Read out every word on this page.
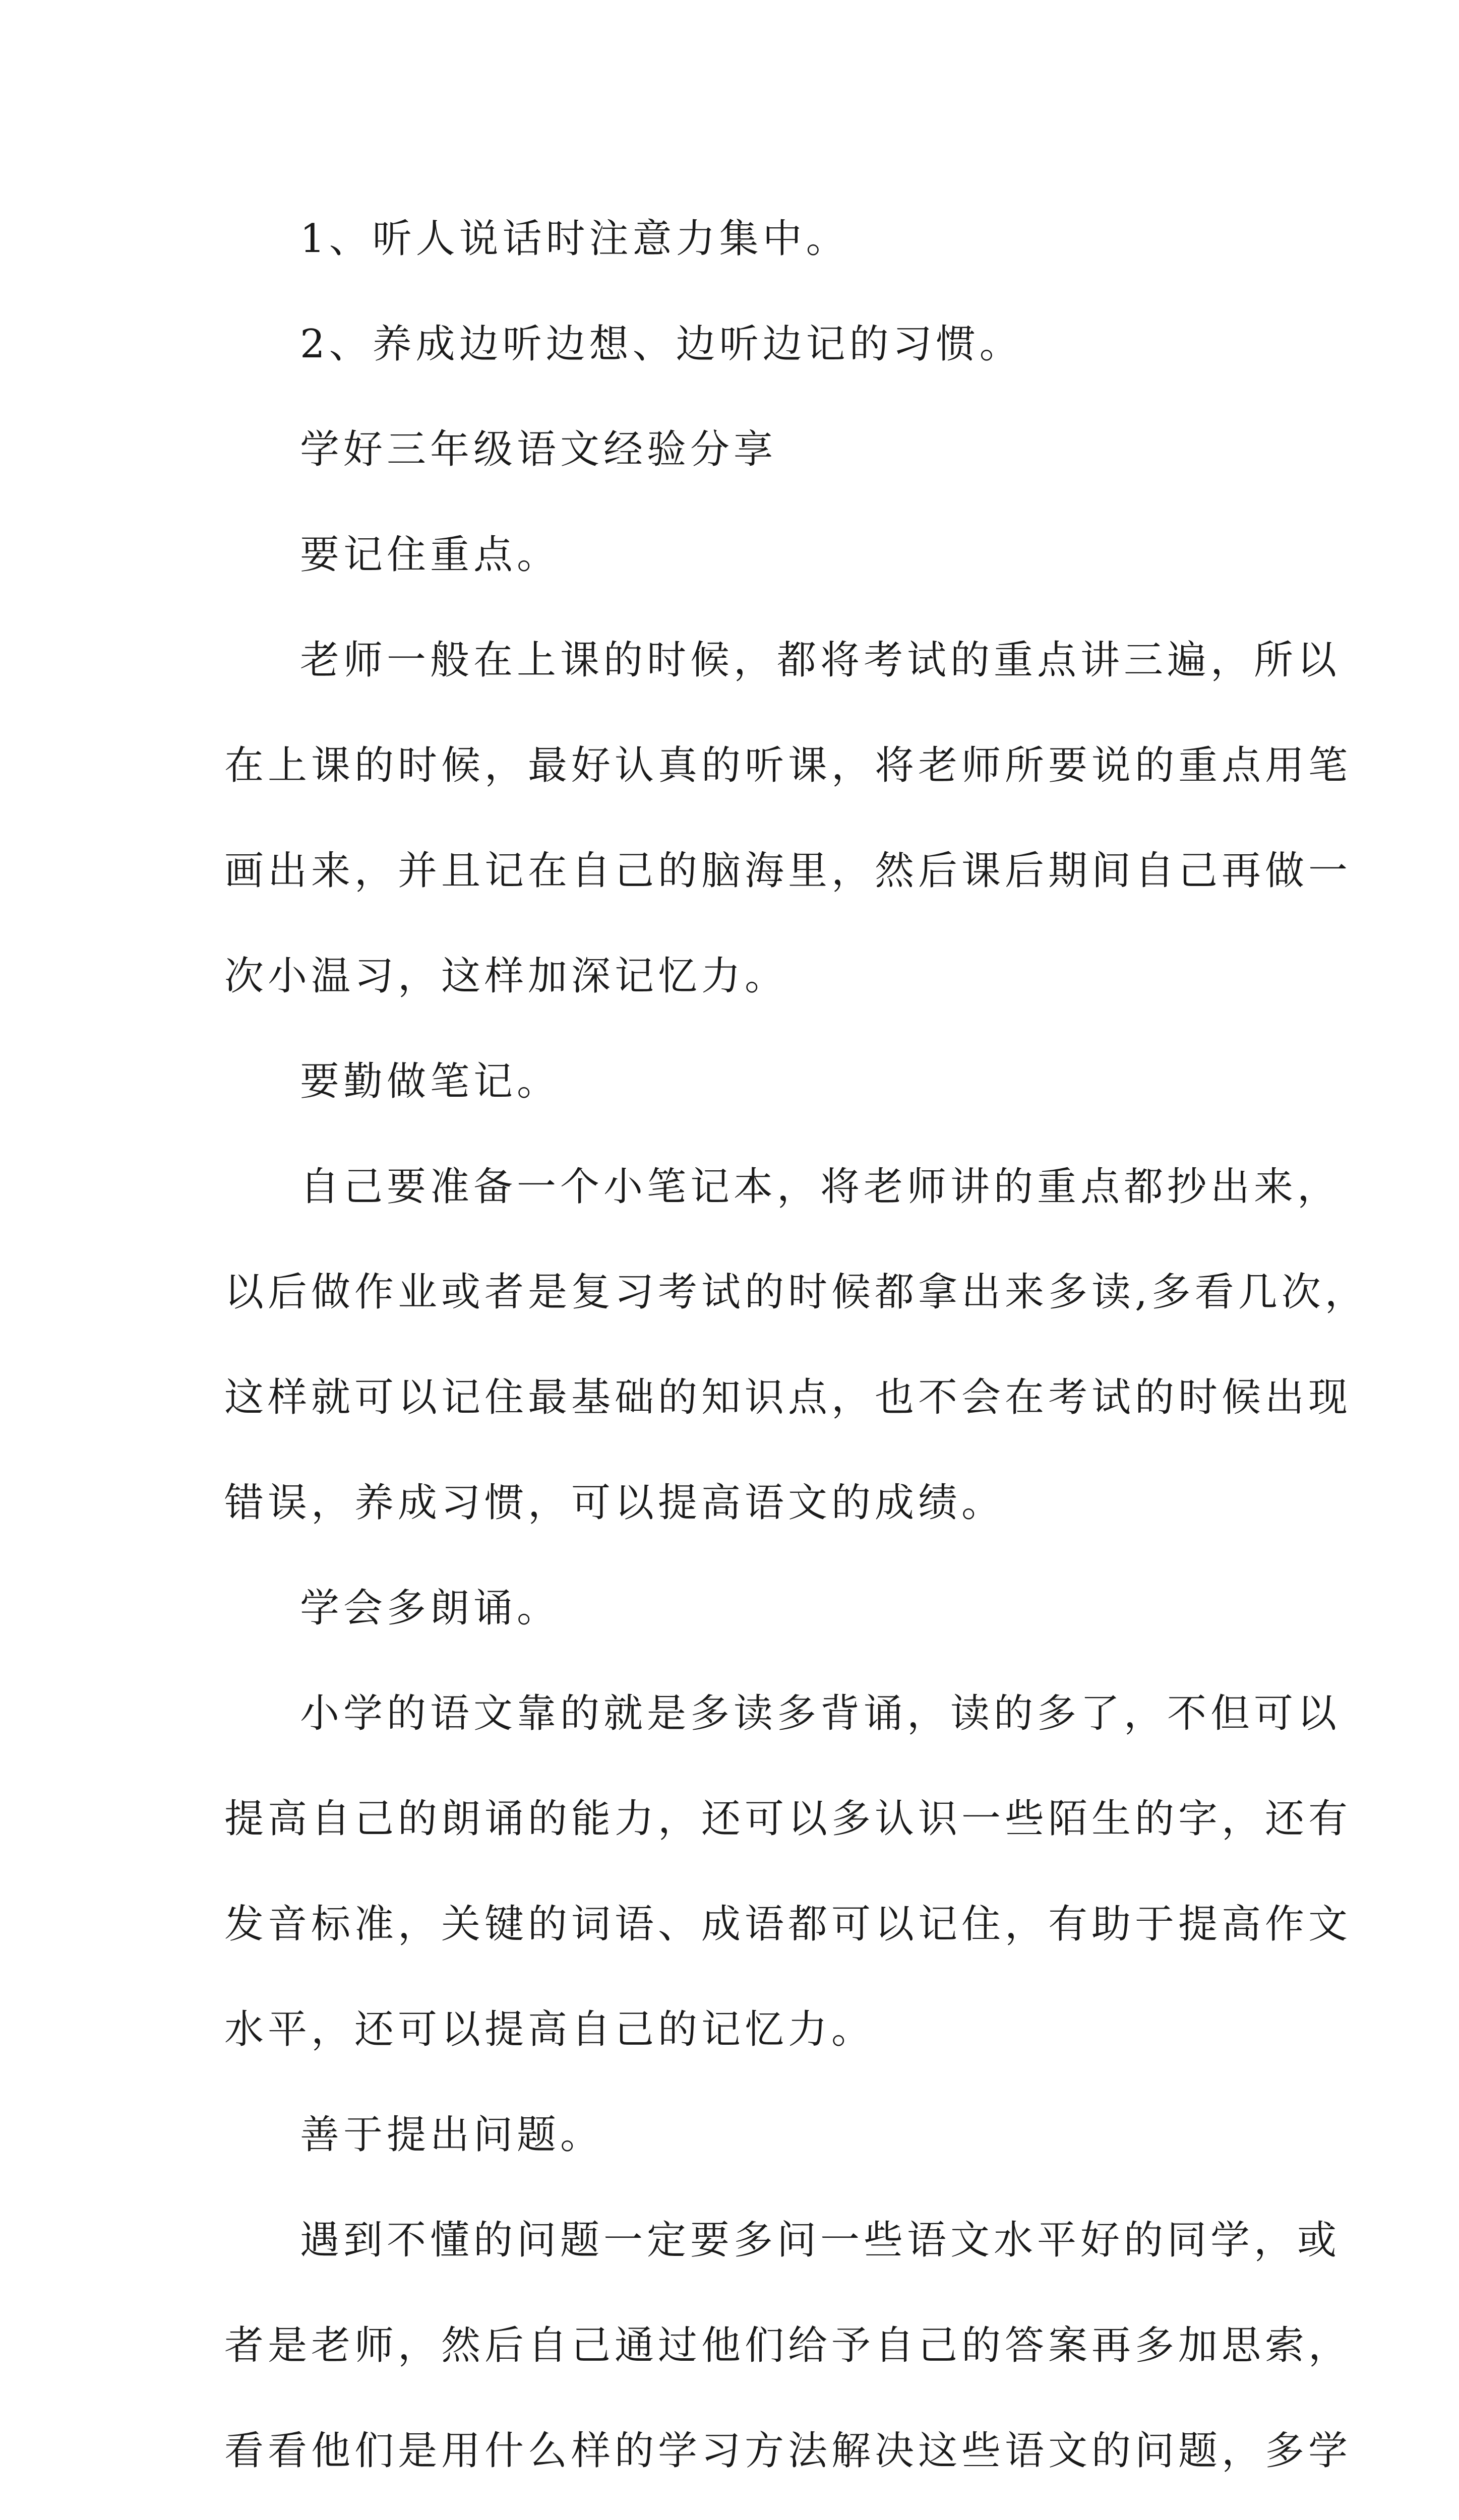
1、听人说话时注意力集中。
2、养成边听边想、边听边记的习惯。
学好三年级语文经验分享
要记住重点。
老师一般在上课的时候，都将考试的重点讲三遍，所以
在上课的时候，最好认真的听课，将老师所要说的重点用笔
画出来，并且记在自己的脑海里，然后课后期间自己再做一
次小温习，这样加深记忆力。
要勤做笔记。
自己要准备一个小笔记本，将老师讲的重点都抄出来，
以后做作业或者是复习考试的时候都拿出来多读,多看几次，
这样就可以记住最基础的知识点，也不会在考试的时候出现
错误，养成习惯，可以提高语文的成绩。
学会多朗诵。
小学的语文靠的就是多读多背诵，读的多了，不但可以
提高自己的朗诵的能力，还可以多认识一些陌生的字，还有
发音标准，关键的词语、成语都可以记住，有助于提高作文
水平，还可以提高自己的记忆力。
善于提出问题。
遇到不懂的问题一定要多问一些语文水平好的同学，或
者是老师，然后自己通过他们给予自己的答案再多加思索，
看看他们是用什么样的学习方法解决这些语文的问题，多学
